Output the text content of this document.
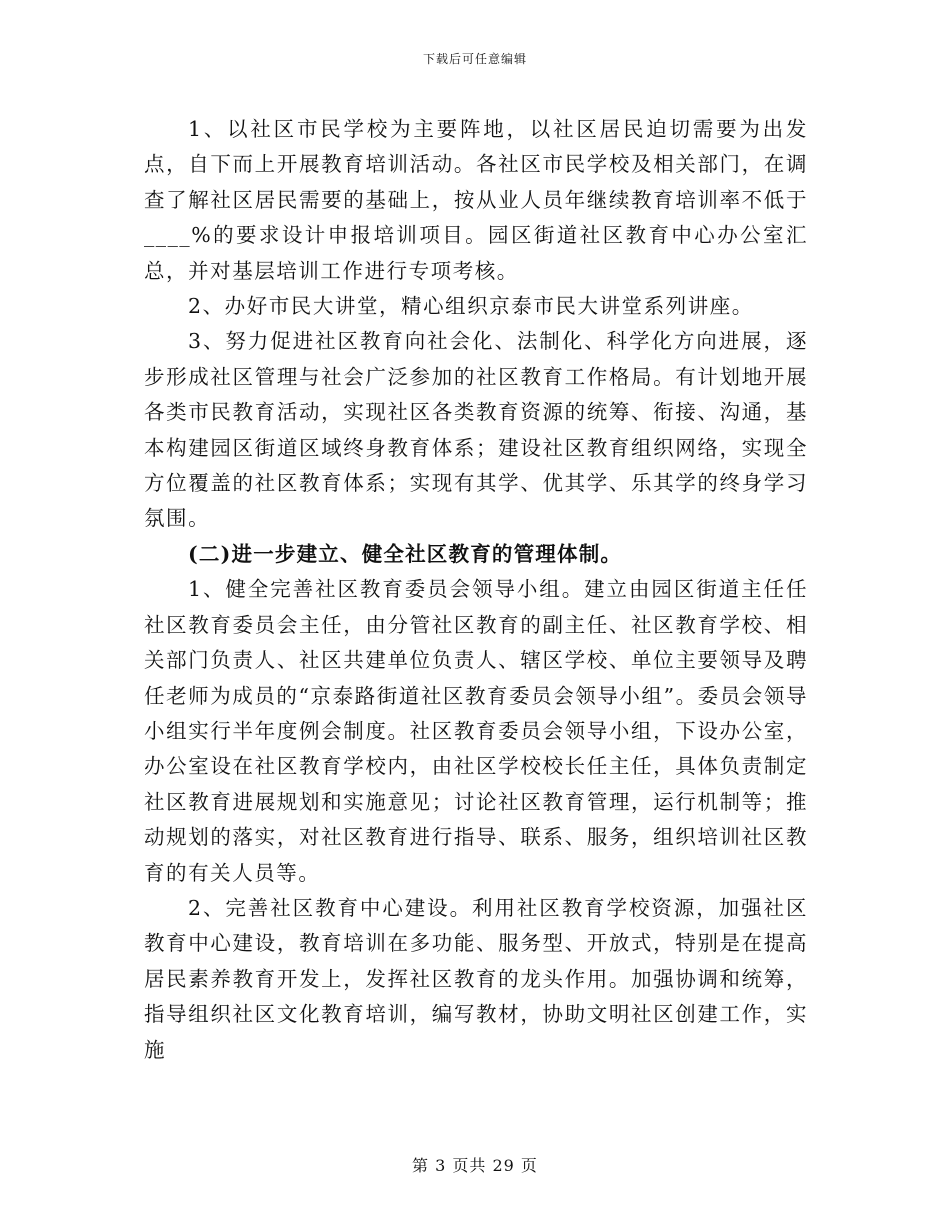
下载后可任意编辑

1、以社区市民学校为主要阵地，以社区居民迫切需要为出发点，自下而上开展教育培训活动。各社区市民学校及相关部门，在调查了解社区居民需要的基础上，按从业人员年继续教育培训率不低于____%的要求设计申报培训项目。园区街道社区教育中心办公室汇总，并对基层培训工作进行专项考核。

2、办好市民大讲堂，精心组织京泰市民大讲堂系列讲座。

3、努力促进社区教育向社会化、法制化、科学化方向进展，逐步形成社区管理与社会广泛参加的社区教育工作格局。有计划地开展各类市民教育活动，实现社区各类教育资源的统筹、衔接、沟通，基本构建园区街道区域终身教育体系；建设社区教育组织网络，实现全方位覆盖的社区教育体系；实现有其学、优其学、乐其学的终身学习氛围。

(二)进一步建立、健全社区教育的管理体制。

1、健全完善社区教育委员会领导小组。建立由园区街道主任任社区教育委员会主任，由分管社区教育的副主任、社区教育学校、相关部门负责人、社区共建单位负责人、辖区学校、单位主要领导及聘任老师为成员的“京泰路街道社区教育委员会领导小组”。委员会领导小组实行半年度例会制度。社区教育委员会领导小组，下设办公室，办公室设在社区教育学校内，由社区学校校长任主任，具体负责制定社区教育进展规划和实施意见；讨论社区教育管理，运行机制等；推动规划的落实，对社区教育进行指导、联系、服务，组织培训社区教育的有关人员等。

2、完善社区教育中心建设。利用社区教育学校资源，加强社区教育中心建设，教育培训在多功能、服务型、开放式，特别是在提高居民素养教育开发上，发挥社区教育的龙头作用。加强协调和统筹，指导组织社区文化教育培训，编写教材，协助文明社区创建工作，实施

第 3 页共 29 页
